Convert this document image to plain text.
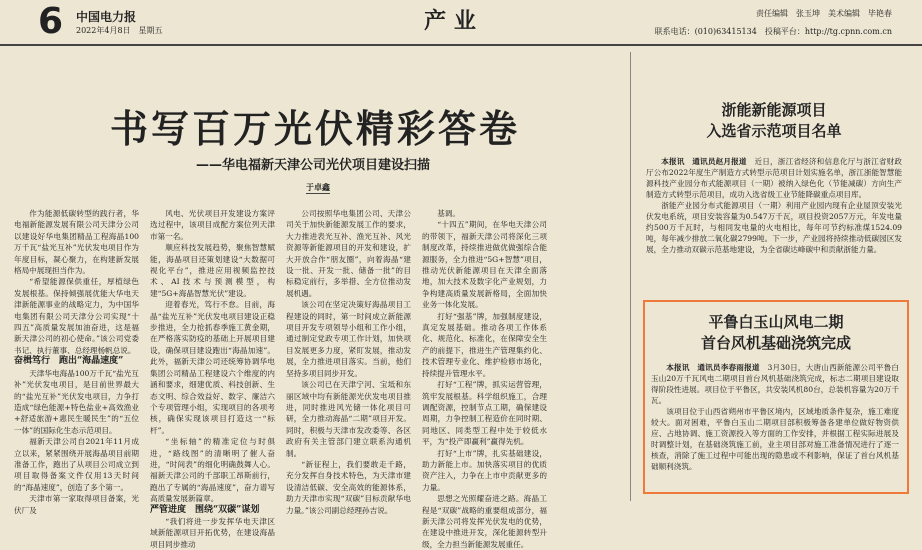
6 中国电力报
2022年4月8日　星期五	产 业	责任编辑　张玉坤　美术编辑　毕艳春
联系电话：(010)63415134　投稿平台：http://tg.cpnn.com.cn
书写百万光伏精彩答卷
——华电福新天津公司光伏项目建设扫描
于卓鑫

作为能源低碳转型的践行者，华电福新能源发展有限公司天津分公司以建设好华电集团精品工程海晶100万千瓦“盐光互补”光伏发电项目作为年度目标，凝心聚力，在构建新发展格局中展现担当作为。

“希望能源保供重任，厚植绿色发展根基。保持倾强展优能大华电天津新能源事业的战略定力，为中国华电集团有限公司天津分公司实现“十四五”高质量发展加油奋进，这是福新天津公司的初心使命。”该公司党委书记、执行董事、总经理杨帆总说。

奋楫笃行　跑出“海晶速度”

天津华电海晶100万千瓦“盐光互补”光伏发电项目，是目前世界最大的“盐光互补”光伏发电项目，力争打造成“绿色能源+特色盐业+高效渔业+舒适旅游+惠民生暖民生”的“五位一体”的国际化生态示范项目。

福新天津公司自2021年11月成立以来，紧紧围绕开展海晶项目前期准备工作，跑出了从项目公司成立到项目取得备案文件仅用13天时间的“海晶速度”，创造了多个第一。

天津市第一家取得项目备案，光伏厂及

风电、光伏项目开发建设方案评选过程中，该项目成配方案位列天津市第一名。

顺应科技发展趋势，聚焦智慧赋能，海晶项目还策划建设“大数据可视化平台”，推进应用视频监控技术、AI技术与预测模型，构建“5G+海晶智慧光伏”建设。

迎着春光，笃行不怠。目前，海晶“盐光互补”光伏发电项目建设正稳步推进，全力抢抓春季施工黄金期，在严格落实防疫的基础上开展项目建设，确保项目建设跑出“海晶加速”。此外，福新天津公司还统筹协调华电集团公司精品工程建设六个维度的内涵和要求，细建优质、科技创新、生态文明、综合效益好、数字、廉洁六个专项管理小组，实现项目的各项考核，确保实现该项目打造这一“标杆”。

“坐标轴”的精准定位与时俱进，“路线图”的清晰明了催人奋进，“时间表”的细化明确鼓舞人心。福新天津公司的千部职工昂斯前行，跑出了专属的“海晶速度”，奋力谱写高质量发展新篇章。

严管进度　围绕“双碳”谋划

“我们将进一步发挥华电天津区域新能源项目开拓优势，在建设海晶项目同步推动

公司按照华电集团公司、天津公司关于加快新能源发展工作的要求，大力推进表光互补、渔光互补、风光资源等新能源项目的开发和建设，扩大开放合作“朋友圈”，向着海晶“建设一批、开发一批、储备一批”的目标稳定前行，多举措、全方位推动发展机遇。

该公司在坚定决策好海晶项目工程建设的同时，第一时间成立新能源项目开发专项领导小组和工作小组，通过制定党政专项工作计划，加快项目发展更多力度，紧盯发展，推动发展，全力推进项目落实。当前，他们坚持多项目同步开发。

该公司已在天津宁河、宝坻和东丽区域中均有新能源光伏发电项目推进，同时推进风光储一体化项目可研，全力推动海晶“二期”项目开发。同时，积极与天津市发改委等、各区政府有关主管部门建立联系沟通机制。

“新征程上，我们要敢走千路，充分发挥自身技术特色，为天津市建设清洁低碳、安全高效的能源体系，助力天津市实现“双碳”目标贡献华电力量。”该公司副总经理孙吉说。

基调。

“十四五”期间，在华电天津公司的带领下，福新天津公司将深化三项制度改革，持续推进做优做强综合能源服务，全力推进“5G+智慧”项目，推动光伏新能源项目在天津全面落地，加大技术及数字化产业规划，力争构建高质量发展新格局，全面加快业务一体化发展。

打好“强基”牌，加强制度建设，真定发展基础。推动各项工作体系化、规范化、标准化，在保障安全生产的前提下，推进生产管理集约化、技术管理专业化、维护检修市场化，持续提升管理水平。

打好“工程”牌，抓实运营管理，筑牢发展根基。科学组织施工，合理调配资源，控制节点工期，确保建设周期，力争控制工程造价在同时期、同地区、同类型工程中处于较低水平，为“投产即赢利”赢得先机。

打好“上市”牌，扎实基础建设，助力新能上市。加快落实项目的优质资产注入，力争在上市中贡献更多的力量。

思想之光照耀奋进之路。海晶工程是“双碳”战略的重要组成部分，福新天津公司将发挥光伏发电的优势，在建设中推进开发，深化能源转型升级，全力担当新能源发展重任。

浙能新能源项目
入选省示范项目名单

本报讯　通讯员赵月报道　 近日，浙江省经济和信息化厅与浙江省财政厅公布2022年度生产制造方式转型示范项目计划实施名单，浙江浙能智慧能源科技产业园分布式能源项目（一期）被纳入绿色化（节能减碳）方向生产制造方式转型示范项目，成功入选省级工业节能降碳重点项目库。

浙能产业园分布式能源项目（一期）利用产业园内现有企业屋顶安装光伏发电系统，项目安装容量为0.547万千瓦，项目投资2057万元，年发电量约500万千瓦时，与相同发电量的火电相比，每年可节约标准煤1524.09吨，每年减少排放二氧化碳2799吨。下一步，产业园将持续推动低碳园区发展，全力推动双碳示范基地建设，为全省碳达峰碳中和贡献浙能力量。

平鲁白玉山风电二期
首台风机基础浇筑完成

本报讯　通讯员李春雨报道　 3月30日，大唐山西新能源公司平鲁白玉山20万千瓦风电二期项目首台风机基础浇筑完成，标志二期项目建设取得阶段性进展。项目位于平鲁区，共安装风机80台，总装机容量为20万千瓦。

该项目位于山西省朔州市平鲁区境内，区域地质条件复杂，施工难度较大。面对困难，平鲁白玉山二期项目部积极筹备各建单位做好物资供应、占地协调、施工资源投入等方面的工作安排，并根据工程实际进展及时调整计划，在基础浇筑施工前，业主项目部对施工准备情况进行了逐一核查，消除了施工过程中可能出现的隐患或不利影响，保证了首台风机基础顺利浇筑。
